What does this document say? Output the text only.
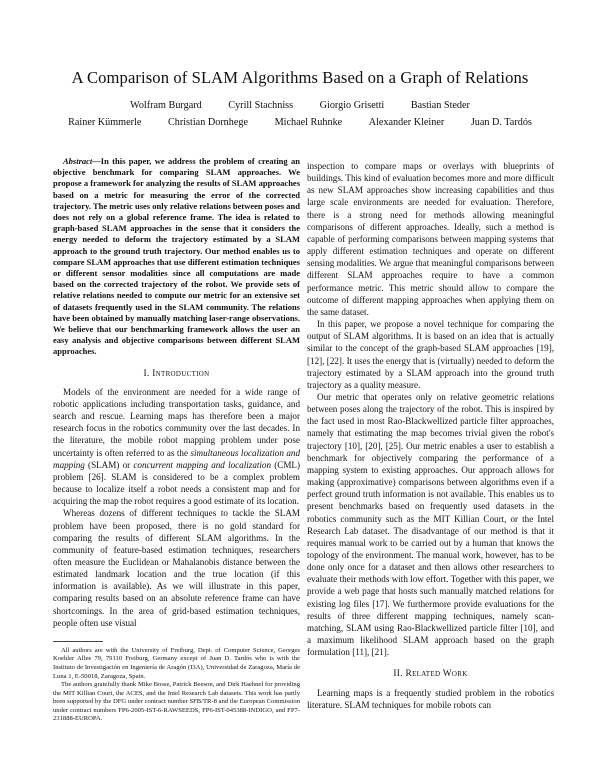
A Comparison of SLAM Algorithms Based on a Graph of Relations
Wolfram Burgard	Cyrill Stachniss	Giorgio Grisetti	Bastian Steder
Rainer Kümmerle	Christian Dornhege	Michael Ruhnke	Alexander Kleiner	Juan D. Tardós

Abstract—In this paper, we address the problem of creating an objective benchmark for comparing SLAM approaches. We propose a framework for analyzing the results of SLAM approaches based on a metric for measuring the error of the corrected trajectory. The metric uses only relative relations between poses and does not rely on a global reference frame. The idea is related to graph-based SLAM approaches in the sense that it considers the energy needed to deform the trajectory estimated by a SLAM approach to the ground truth trajectory. Our method enables us to compare SLAM approaches that use different estimation techniques or different sensor modalities since all computations are made based on the corrected trajectory of the robot. We provide sets of relative relations needed to compute our metric for an extensive set of datasets frequently used in the SLAM community. The relations have been obtained by manually matching laser-range observations. We believe that our benchmarking framework allows the user an easy analysis and objective comparisons between different SLAM approaches.

I. Introduction

Models of the environment are needed for a wide range of robotic applications including transportation tasks, guidance, and search and rescue. Learning maps has therefore been a major research focus in the robotics community over the last decades. In the literature, the mobile robot mapping problem under pose uncertainty is often referred to as the simultaneous localization and mapping (SLAM) or concurrent mapping and localization (CML) problem [26]. SLAM is considered to be a complex problem because to localize itself a robot needs a consistent map and for acquiring the map the robot requires a good estimate of its location.

Whereas dozens of different techniques to tackle the SLAM problem have been proposed, there is no gold standard for comparing the results of different SLAM algorithms. In the community of feature-based estimation techniques, researchers often measure the Euclidean or Mahalanobis distance between the estimated landmark location and the true location (if this information is available). As we will illustrate in this paper, comparing results based on an absolute reference frame can have shortcomings. In the area of grid-based estimation techniques, people often use visual

All authors are with the University of Freiburg, Dept. of Computer Science, Georges Koehler Allee 79, 79110 Freiburg, Germany except of Juan D. Tardós who is with the Instituto de Investigación en Ingeniería de Aragón (I3A), Universidad de Zaragoza, María de Luna 1, E-50018, Zaragoza, Spain.

The authors gratefully thank Mike Bosse, Patrick Beeson, and Dirk Haehnel for providing the MIT Killian Court, the ACES, and the Intel Research Lab datasets. This work has partly been supported by the DFG under contract number SFB/TR-8 and the European Commission under contract numbers FP6-2005-IST-6-RAWSEEDS, FP6-IST-045388-INDIGO, and FP7-231888-EUROPA.

inspection to compare maps or overlays with blueprints of buildings. This kind of evaluation becomes more and more difficult as new SLAM approaches show increasing capabilities and thus large scale environments are needed for evaluation. Therefore, there is a strong need for methods allowing meaningful comparisons of different approaches. Ideally, such a method is capable of performing comparisons between mapping systems that apply different estimation techniques and operate on different sensing modalities. We argue that meaningful comparisons between different SLAM approaches require to have a common performance metric. This metric should allow to compare the outcome of different mapping approaches when applying them on the same dataset.

In this paper, we propose a novel technique for comparing the output of SLAM algorithms. It is based on an idea that is actually similar to the concept of the graph-based SLAM approaches [19], [12], [22]. It uses the energy that is (virtually) needed to deform the trajectory estimated by a SLAM approach into the ground truth trajectory as a quality measure.

Our metric that operates only on relative geometric relations between poses along the trajectory of the robot. This is inspired by the fact used in most Rao-Blackwellized particle filter approaches, namely that estimating the map becomes trivial given the robot's trajectory [10], [20], [25]. Our metric enables a user to establish a benchmark for objectively comparing the performance of a mapping system to existing approaches. Our approach allows for making (approximative) comparisons between algorithms even if a perfect ground truth information is not available. This enables us to present benchmarks based on frequently used datasets in the robotics community such as the MIT Killian Court, or the Intel Research Lab dataset. The disadvantage of our method is that it requires manual work to be carried out by a human that knows the topology of the environment. The manual work, however, has to be done only once for a dataset and then allows other researchers to evaluate their methods with low effort. Together with this paper, we provide a web page that hosts such manually matched relations for existing log files [17]. We furthermore provide evaluations for the results of three different mapping techniques, namely scan-matching, SLAM using Rao-Blackwellized particle filter [10], and a maximum likelihood SLAM approach based on the graph formulation [11], [21].

II. Related Work

Learning maps is a frequently studied problem in the robotics literature. SLAM techniques for mobile robots can
